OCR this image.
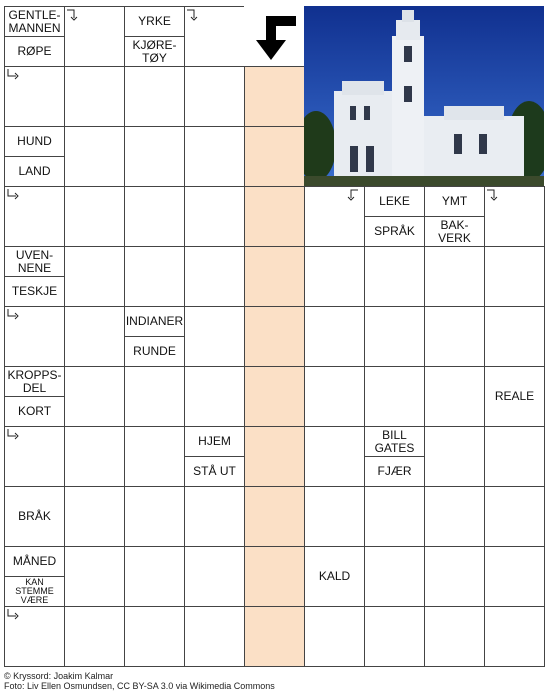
GENTLE-
MANNEN
RØPE
YRKE
KJØRE-
TØY
HUND
LAND
LEKE
SPRÅK
YMT
BAK-
VERK
UVEN-
NENE
TESKJE
INDIANER
RUNDE
KROPPS-
DEL
KORT
REALE
HJEM
STÅ UT
BILL
GATES
FJÆR
BRÅK
MÅNED
KAN
STEMME
VÆRE
KALD
© Kryssord: Joakim Kalmar
Foto: Liv Ellen Osmundsen, CC BY-SA 3.0 via Wikimedia Commons
